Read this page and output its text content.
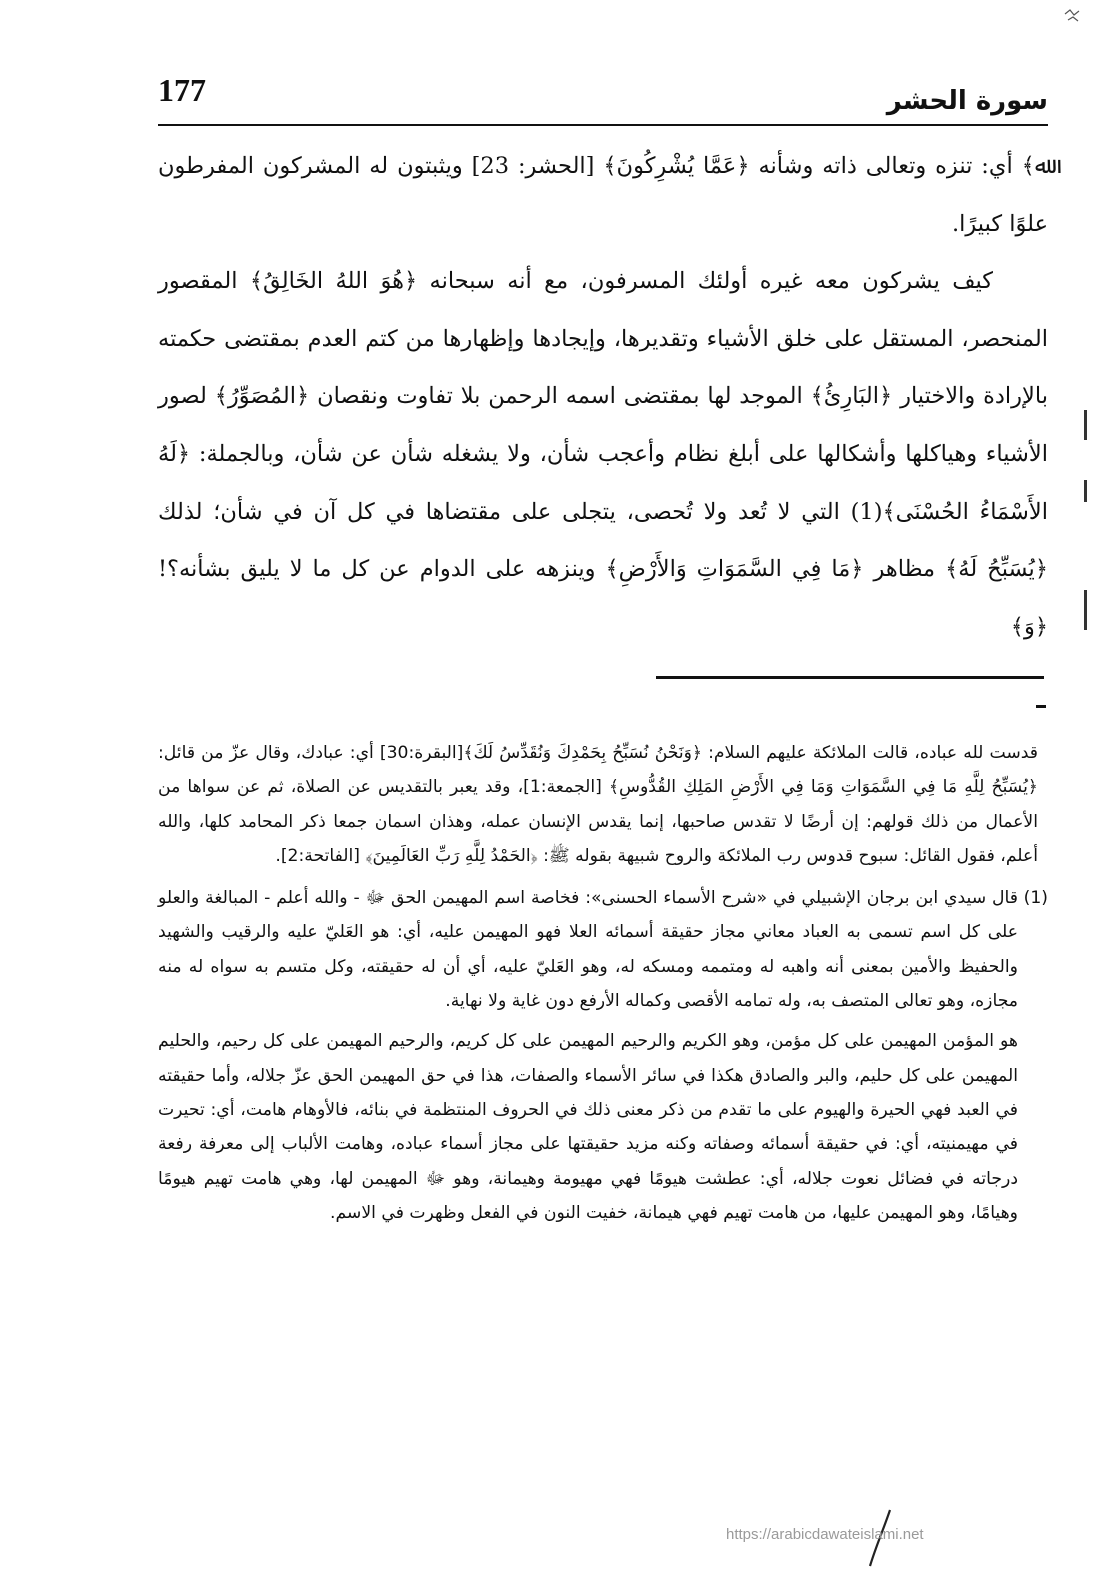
سورة الحشر
177

ﷲ﴾ أي: تنزه وتعالى ذاته وشأنه ﴿عَمَّا يُشْرِكُونَ﴾ [الحشر: 23] ويثبتون له المشركون المفرطون علوًا كبيرًا.

كيف يشركون معه غيره أولئك المسرفون، مع أنه سبحانه ﴿هُوَ اللهُ الخَالِقُ﴾ المقصور المنحصر، المستقل على خلق الأشياء وتقديرها، وإيجادها وإظهارها من كتم العدم بمقتضى حكمته بالإرادة والاختيار ﴿البَارِئُ﴾ الموجد لها بمقتضى اسمه الرحمن بلا تفاوت ونقصان ﴿المُصَوِّرُ﴾ لصور الأشياء وهياكلها وأشكالها على أبلغ نظام وأعجب شأن، ولا يشغله شأن عن شأن، وبالجملة: ﴿لَهُ الأَسْمَاءُ الحُسْنَى﴾(1) التي لا تُعد ولا تُحصى، يتجلى على مقتضاها في كل آن في شأن؛ لذلك ﴿يُسَبِّحُ لَهُ﴾ مظاهر ﴿مَا فِي السَّمَوَاتِ وَالأَرْضِ﴾ وينزهه على الدوام عن كل ما لا يليق بشأنه؟! ﴿وَ﴾

قدست لله عباده، قالت الملائكة عليهم السلام: ﴿وَنَحْنُ نُسَبِّحُ بِحَمْدِكَ وَنُقَدِّسُ لَكَ﴾[البقرة:30] أي: عبادك، وقال عزّ من قائل: ﴿يُسَبِّحُ لِلَّهِ مَا فِي السَّمَوَاتِ وَمَا فِي الأَرْضِ المَلِكِ القُدُّوسِ﴾ [الجمعة:1]، وقد يعبر بالتقديس عن الصلاة، ثم عن سواها من الأعمال من ذلك قولهم: إن أرضًا لا تقدس صاحبها، إنما يقدس الإنسان عمله، وهذان اسمان جمعا ذكر المحامد كلها، والله أعلم، فقول القائل: سبوح قدوس رب الملائكة والروح شبيهة بقوله ﷺ: ﴿الحَمْدُ لِلَّهِ رَبِّ العَالَمِينَ﴾ [الفاتحة:2].

(1)
قال سيدي ابن برجان الإشبيلي في «شرح الأسماء الحسنى»: فخاصة اسم المهيمن الحق ﷻ - والله أعلم - المبالغة والعلو على كل اسم تسمى به العباد معاني مجاز حقيقة أسمائه العلا فهو المهيمن عليه، أي: هو العَليّ عليه والرقيب والشهيد والحفيظ والأمين بمعنى أنه واهبه له ومتممه ومسكه له، وهو العَليّ عليه، أي أن له حقيقته، وكل متسم به سواه له منه مجازه، وهو تعالى المتصف به، وله تمامه الأقصى وكماله الأرفع دون غاية ولا نهاية.

هو المؤمن المهيمن على كل مؤمن، وهو الكريم والرحيم المهيمن على كل كريم، والرحيم المهيمن على كل رحيم، والحليم المهيمن على كل حليم، والبر والصادق هكذا في سائر الأسماء والصفات، هذا في حق المهيمن الحق عزّ جلاله، وأما حقيقته في العبد فهي الحيرة والهيوم على ما تقدم من ذكر معنى ذلك في الحروف المنتظمة في بنائه، فالأوهام هامت، أي: تحيرت في مهيمنيته، أي: في حقيقة أسمائه وصفاته وكنه مزيد حقيقتها على مجاز أسماء عباده، وهامت الألباب إلى معرفة رفعة درجاته في فضائل نعوت جلاله، أي: عطشت هيومًا فهي مهيومة وهيمانة، وهو ﷻ المهيمن لها، وهي هامت تهيم هيومًا وهيامًا، وهو المهيمن عليها، من هامت تهيم فهي هيمانة، خفيت النون في الفعل وظهرت في الاسم.

https://arabicdawateislami.net
